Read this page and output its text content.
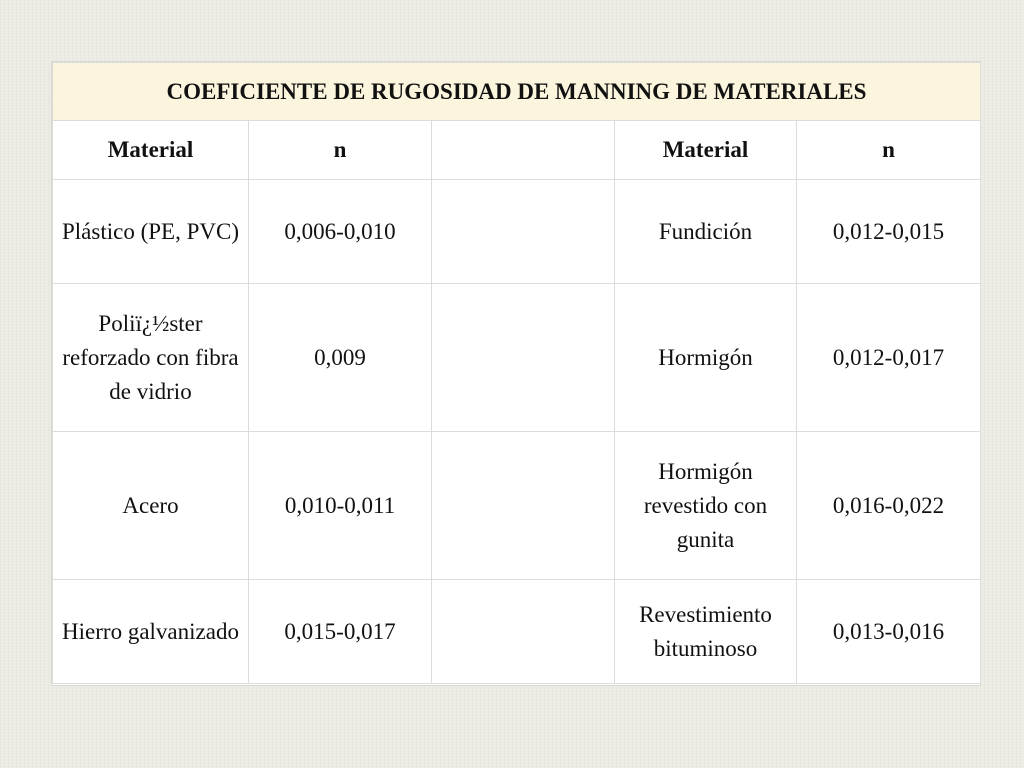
COEFICIENTE DE RUGOSIDAD DE MANNING DE MATERIALES				
Material	n		Material	n
Plástico (PE, PVC)	0,006-0,010		Fundición	0,012-0,015
Poliï¿½ster reforzado con fibra de vidrio	0,009		Hormigón	0,012-0,017
Acero	0,010-0,011		Hormigón revestido con gunita	0,016-0,022
Hierro galvanizado	0,015-0,017		Revestimiento bituminoso	0,013-0,016
